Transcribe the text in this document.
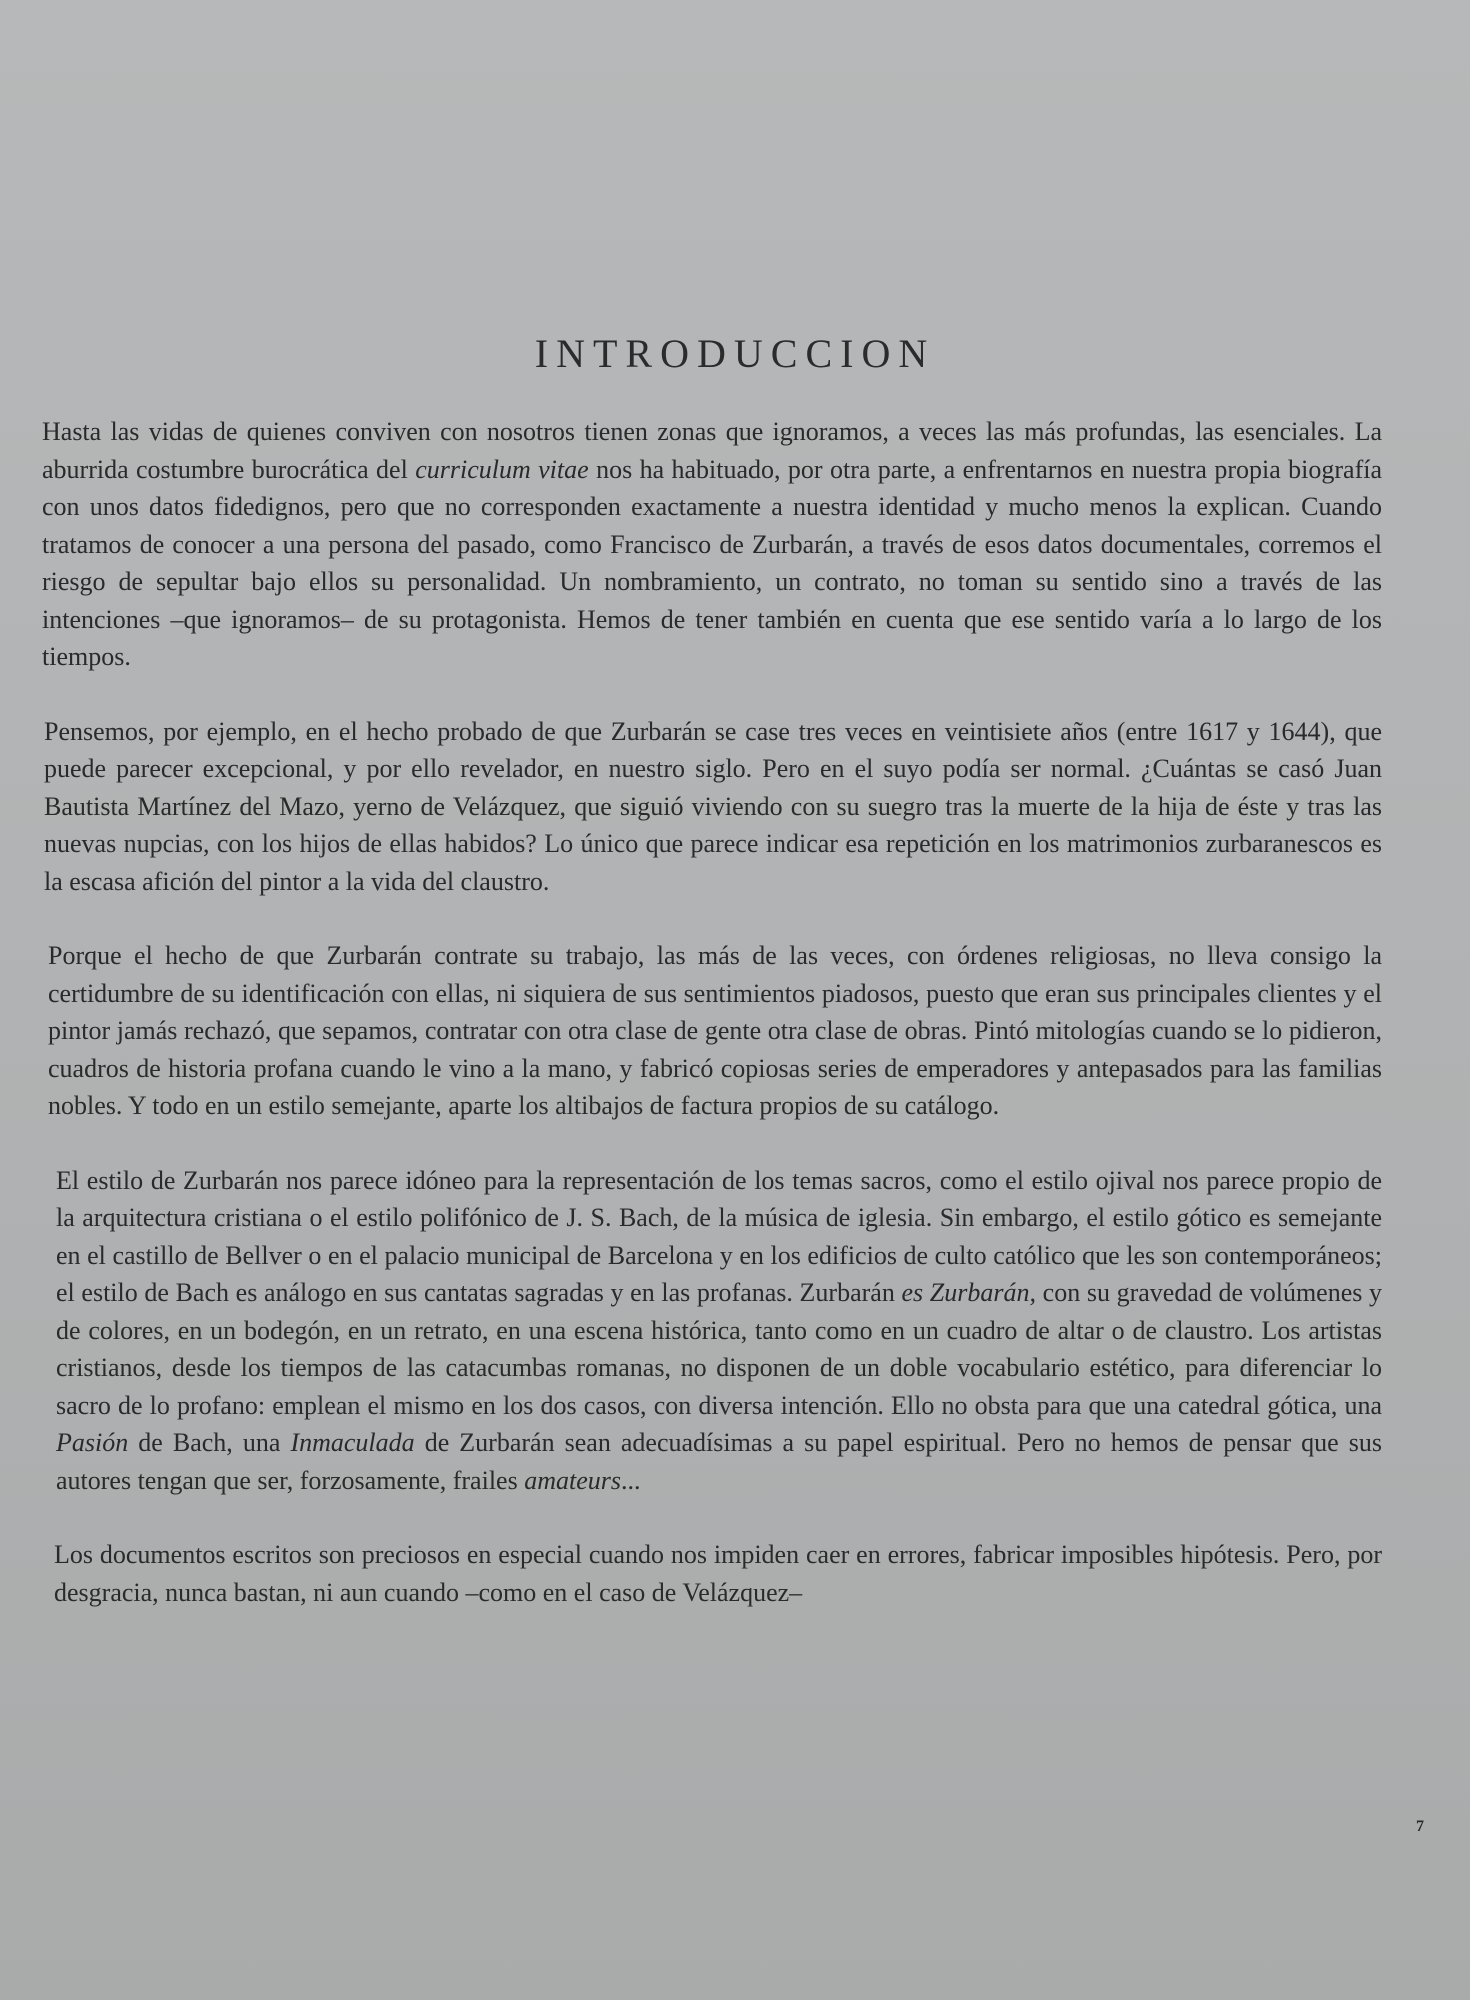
INTRODUCCION

Hasta las vidas de quienes conviven con nosotros tienen zonas que ignoramos, a veces las más profundas, las esenciales. La aburrida costumbre burocrática del curriculum vitae nos ha habituado, por otra parte, a enfrentarnos en nuestra propia biografía con unos datos fidedignos, pero que no corresponden exactamente a nuestra identidad y mucho menos la explican. Cuando tratamos de conocer a una persona del pasado, como Francisco de Zurbarán, a través de esos datos documentales, corremos el riesgo de sepultar bajo ellos su personalidad. Un nombramiento, un contrato, no toman su sentido sino a través de las intenciones –que ignoramos– de su protagonista. Hemos de tener también en cuenta que ese sentido varía a lo largo de los tiempos.

Pensemos, por ejemplo, en el hecho probado de que Zurbarán se case tres veces en veintisiete años (entre 1617 y 1644), que puede parecer excepcional, y por ello revelador, en nuestro siglo. Pero en el suyo podía ser normal. ¿Cuántas se casó Juan Bautista Martínez del Mazo, yerno de Velázquez, que siguió viviendo con su suegro tras la muerte de la hija de éste y tras las nuevas nupcias, con los hijos de ellas habidos? Lo único que parece indicar esa repetición en los matrimonios zurbaranescos es la escasa afición del pintor a la vida del claustro.

Porque el hecho de que Zurbarán contrate su trabajo, las más de las veces, con órdenes religiosas, no lleva consigo la certidumbre de su identificación con ellas, ni siquiera de sus sentimientos piadosos, puesto que eran sus principales clientes y el pintor jamás rechazó, que sepamos, contratar con otra clase de gente otra clase de obras. Pintó mitologías cuando se lo pidieron, cuadros de historia profana cuando le vino a la mano, y fabricó copiosas series de emperadores y antepasados para las familias nobles. Y todo en un estilo semejante, aparte los altibajos de factura propios de su catálogo.

El estilo de Zurbarán nos parece idóneo para la representación de los temas sacros, como el estilo ojival nos parece propio de la arquitectura cristiana o el estilo polifónico de J. S. Bach, de la música de iglesia. Sin embargo, el estilo gótico es semejante en el castillo de Bellver o en el palacio municipal de Barcelona y en los edificios de culto católico que les son contemporáneos; el estilo de Bach es análogo en sus cantatas sagradas y en las profanas. Zurbarán es Zurbarán, con su gravedad de volúmenes y de colores, en un bodegón, en un retrato, en una escena histórica, tanto como en un cuadro de altar o de claustro. Los artistas cristianos, desde los tiempos de las catacumbas romanas, no disponen de un doble vocabulario estético, para diferenciar lo sacro de lo profano: emplean el mismo en los dos casos, con diversa intención. Ello no obsta para que una catedral gótica, una Pasión de Bach, una Inmaculada de Zurbarán sean adecuadísimas a su papel espiritual. Pero no hemos de pensar que sus autores tengan que ser, forzosamente, frailes amateurs...

Los documentos escritos son preciosos en especial cuando nos impiden caer en errores, fabricar imposibles hipótesis. Pero, por desgracia, nunca bastan, ni aun cuando –como en el caso de Velázquez–

7
